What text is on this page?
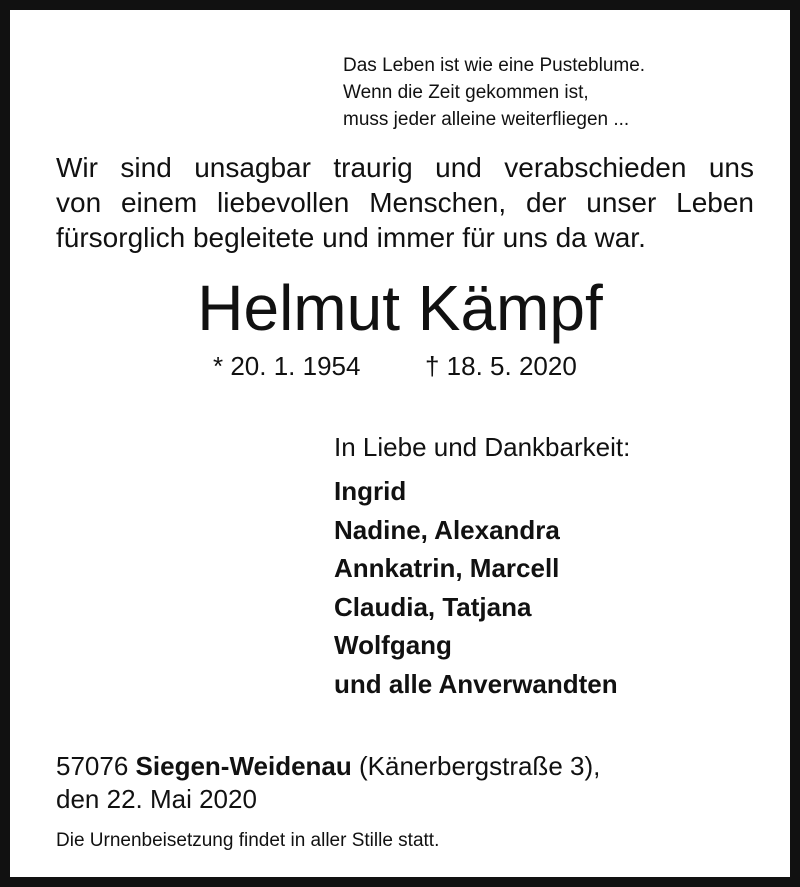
Das Leben ist wie eine Pusteblume.
Wenn die Zeit gekommen ist,
muss jeder alleine weiterfliegen ...
Wir sind unsagbar traurig und verabschieden uns
von einem liebevollen Menschen, der unser Leben
fürsorglich begleitete und immer für uns da war.
Helmut Kämpf
* 20. 1. 1954 † 18. 5. 2020
In Liebe und Dankbarkeit:
Ingrid
Nadine, Alexandra
Annkatrin, Marcell
Claudia, Tatjana
Wolfgang
und alle Anverwandten
57076 Siegen-Weidenau (Känerbergstraße 3),
den 22. Mai 2020
Die Urnenbeisetzung findet in aller Stille statt.
